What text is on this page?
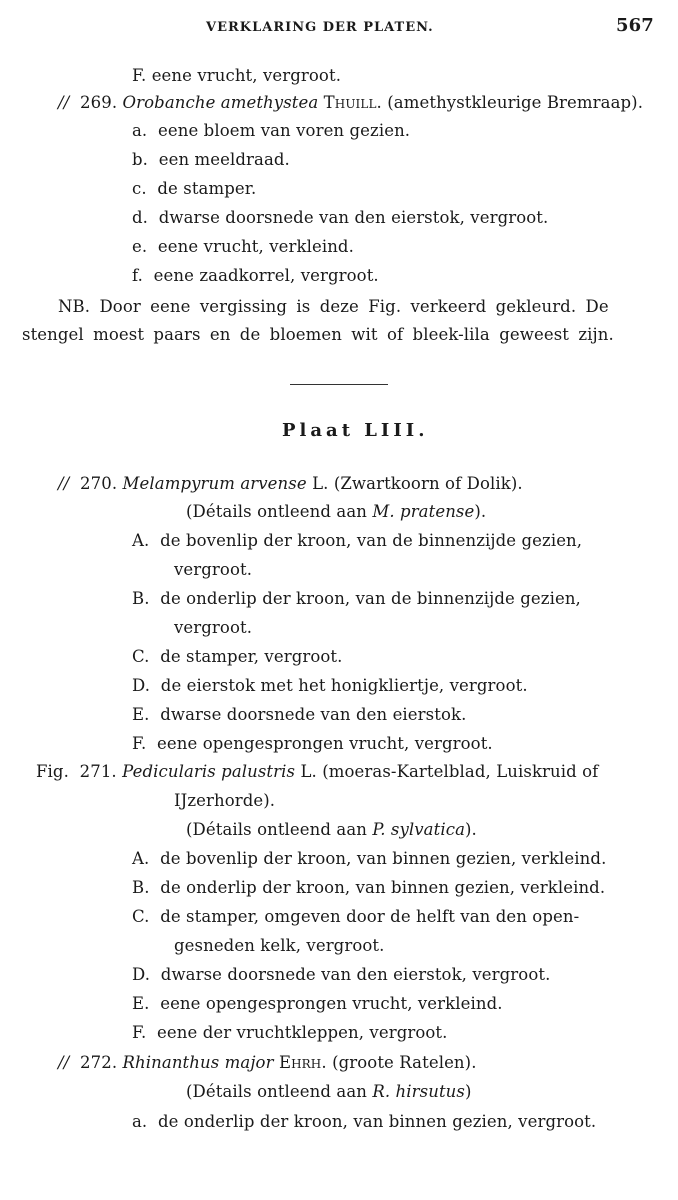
VERKLARING DER PLATEN.	567
F. eene vrucht, vergroot.
// 269. Orobanche amethystea Thuill. (amethystkleurige Bremraap).
a. eene bloem van voren gezien.
b. een meeldraad.
c. de stamper.
d. dwarse doorsnede van den eierstok, vergroot.
e. eene vrucht, verkleind.
f. eene zaadkorrel, vergroot.
NB. Door eene vergissing is deze Fig. verkeerd gekleurd. De
stengel moest paars en de bloemen wit of bleek-lila geweest zijn.
Plaat LIII.
// 270. Melampyrum arvense L. (Zwartkoorn of Dolik).
(Détails ontleend aan M. pratense).
A. de bovenlip der kroon, van de binnenzijde gezien,
vergroot.
B. de onderlip der kroon, van de binnenzijde gezien,
vergroot.
C. de stamper, vergroot.
D. de eierstok met het honigkliertje, vergroot.
E. dwarse doorsnede van den eierstok.
F. eene opengesprongen vrucht, vergroot.
Fig. 271. Pedicularis palustris L. (moeras-Kartelblad, Luiskruid of
IJzerhorde).
(Détails ontleend aan P. sylvatica).
A. de bovenlip der kroon, van binnen gezien, verkleind.
B. de onderlip der kroon, van binnen gezien, verkleind.
C. de stamper, omgeven door de helft van den open-
gesneden kelk, vergroot.
D. dwarse doorsnede van den eierstok, vergroot.
E. eene opengesprongen vrucht, verkleind.
F. eene der vruchtkleppen, vergroot.
// 272. Rhinanthus major Ehrh. (groote Ratelen).
(Détails ontleend aan R. hirsutus)
a. de onderlip der kroon, van binnen gezien, vergroot.
